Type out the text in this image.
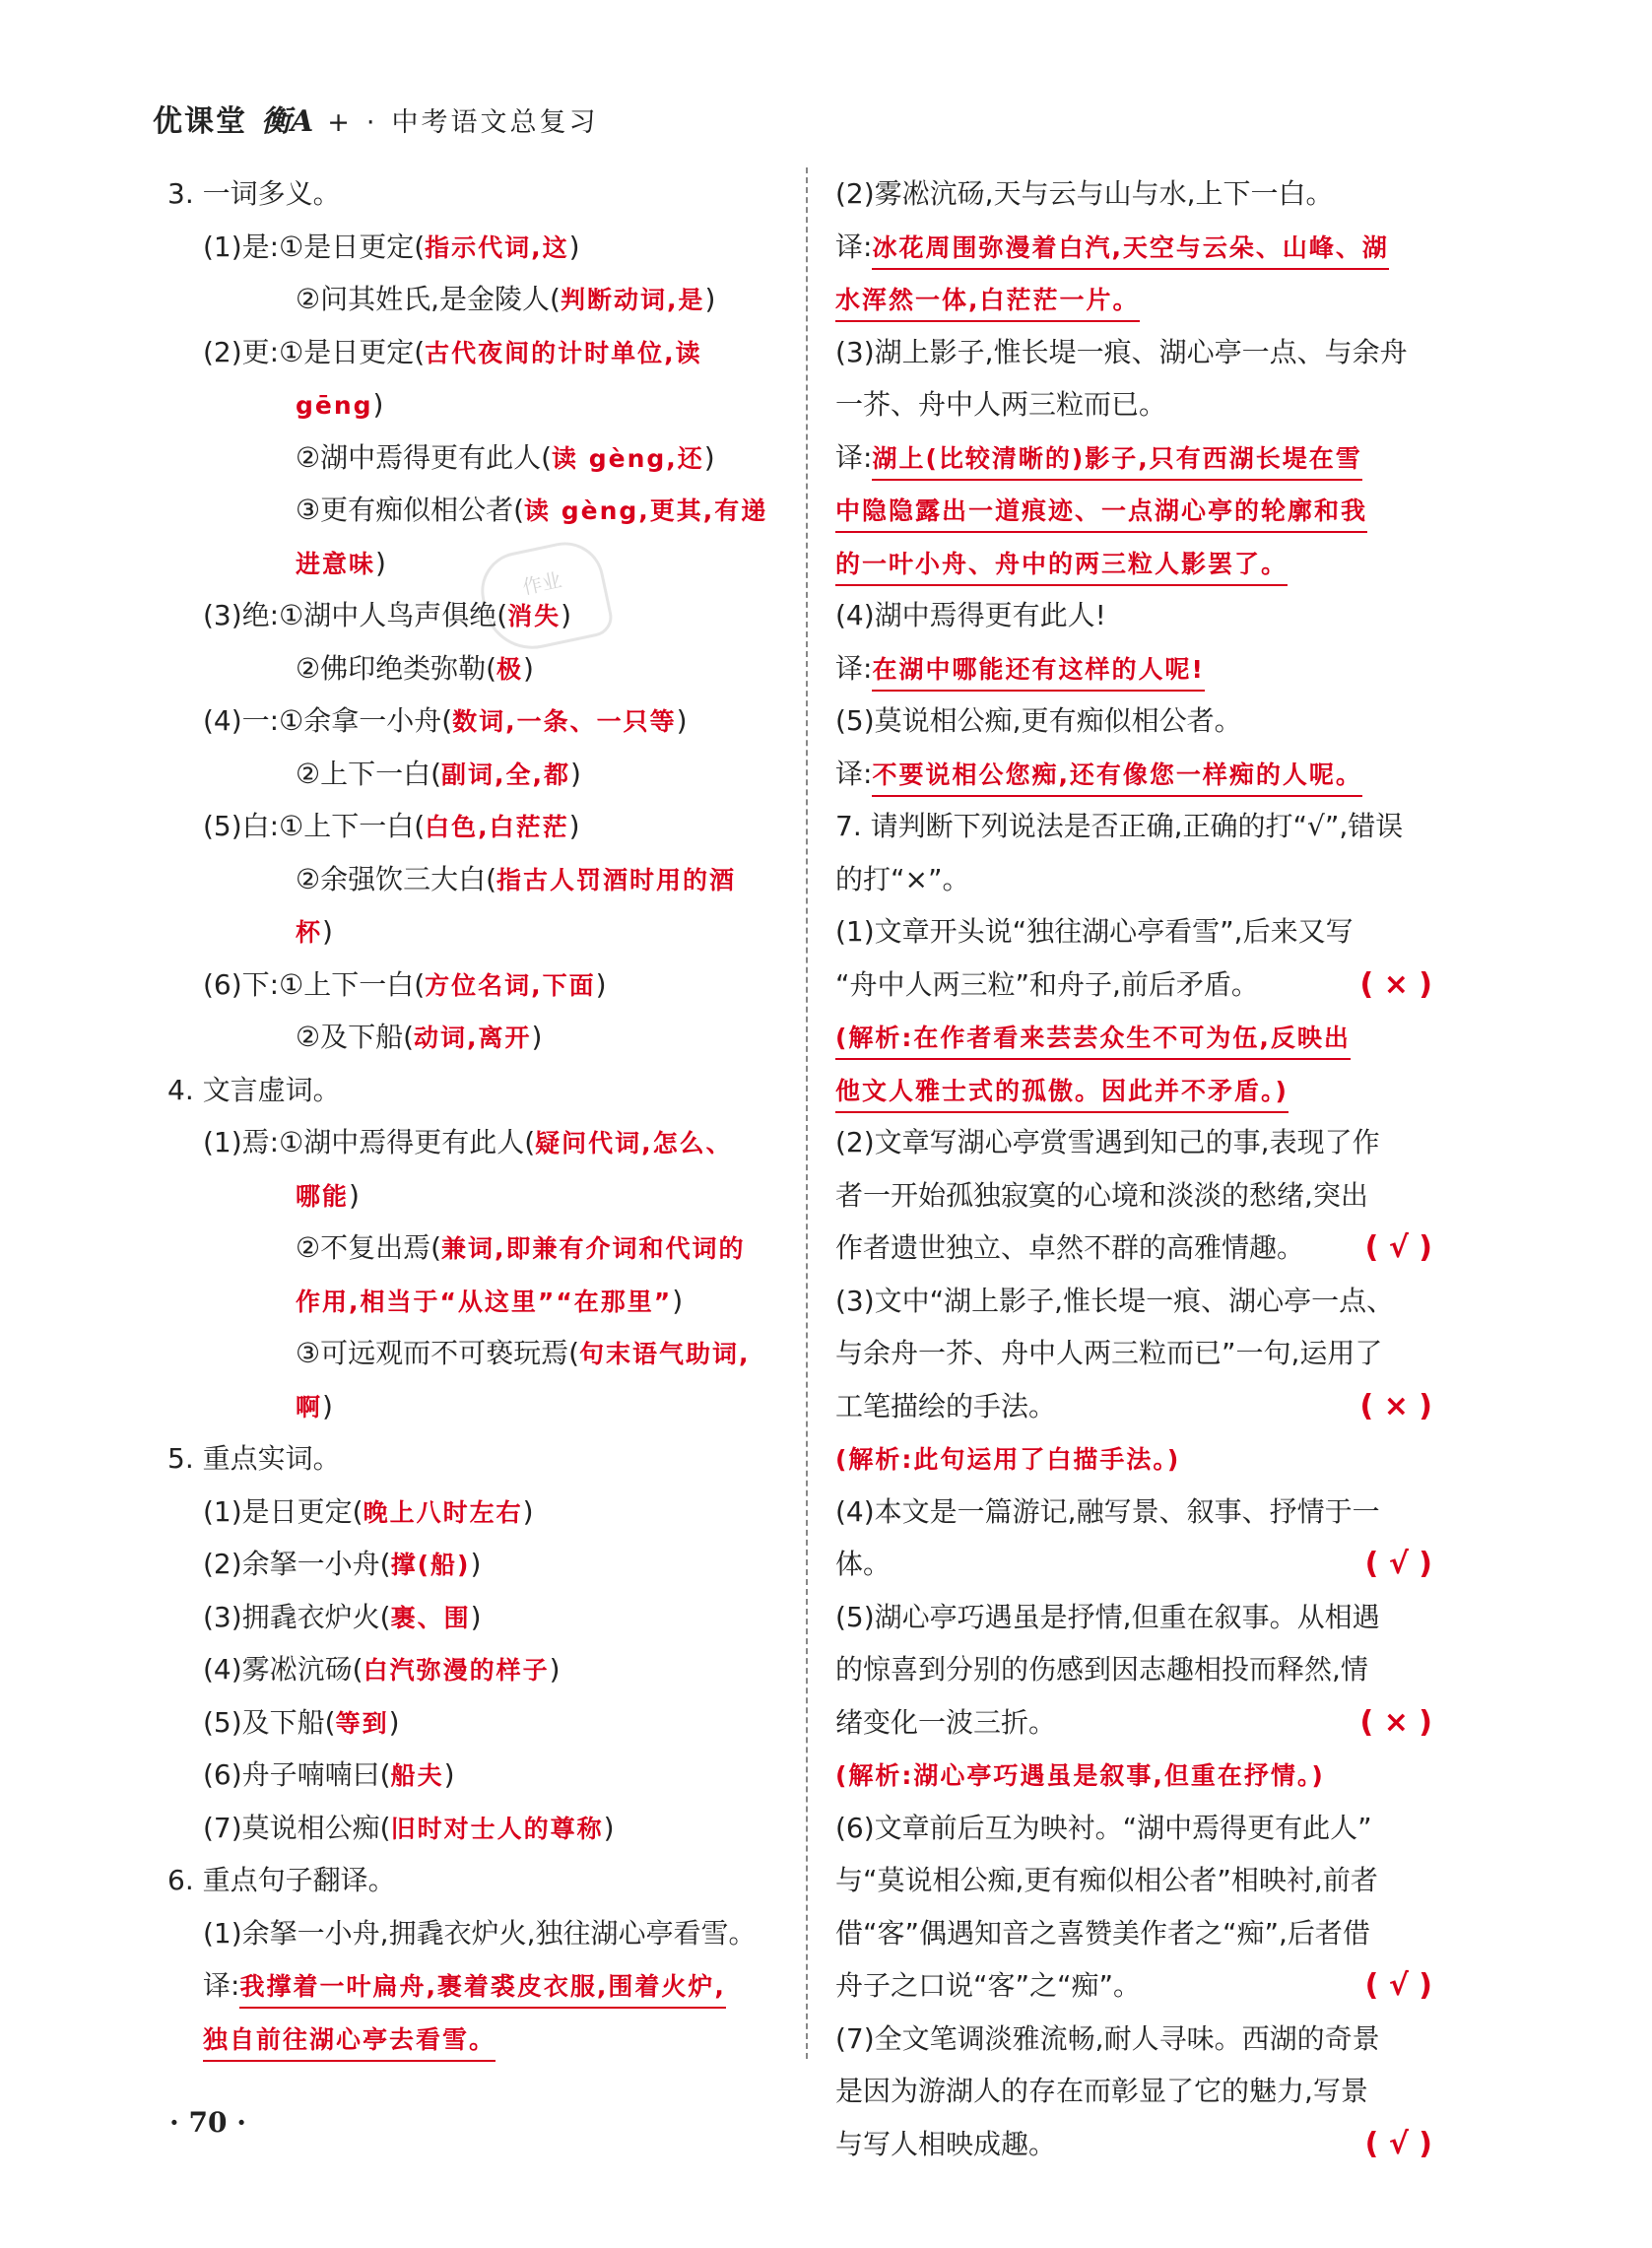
优课堂 衡A + · 中考语文总复习
作业
3. 一词多义。
(1)是:①是日更定(指示代词,这)
②问其姓氏,是金陵人(判断动词,是)
(2)更:①是日更定(古代夜间的计时单位,读
gēng)
②湖中焉得更有此人(读 gèng,还)
③更有痴似相公者(读 gèng,更其,有递
进意味)
(3)绝:①湖中人鸟声俱绝(消失)
②佛印绝类弥勒(极)
(4)一:①余拿一小舟(数词,一条、一只等)
②上下一白(副词,全,都)
(5)白:①上下一白(白色,白茫茫)
②余强饮三大白(指古人罚酒时用的酒
杯)
(6)下:①上下一白(方位名词,下面)
②及下船(动词,离开)
4. 文言虚词。
(1)焉:①湖中焉得更有此人(疑问代词,怎么、
哪能)
②不复出焉(兼词,即兼有介词和代词的
作用,相当于“从这里”“在那里”)
③可远观而不可亵玩焉(句末语气助词,
啊)
5. 重点实词。
(1)是日更定(晚上八时左右)
(2)余拏一小舟(撑(船))
(3)拥毳衣炉火(裹、围)
(4)雾凇沆砀(白汽弥漫的样子)
(5)及下船(等到)
(6)舟子喃喃曰(船夫)
(7)莫说相公痴(旧时对士人的尊称)
6. 重点句子翻译。
(1)余拏一小舟,拥毳衣炉火,独往湖心亭看雪。
译:我撑着一叶扁舟,裹着裘皮衣服,围着火炉,
独自前往湖心亭去看雪。
(2)雾凇沆砀,天与云与山与水,上下一白。
译:冰花周围弥漫着白汽,天空与云朵、山峰、湖
水浑然一体,白茫茫一片。
(3)湖上影子,惟长堤一痕、湖心亭一点、与余舟
一芥、舟中人两三粒而已。
译:湖上(比较清晰的)影子,只有西湖长堤在雪
中隐隐露出一道痕迹、一点湖心亭的轮廓和我
的一叶小舟、舟中的两三粒人影罢了。
(4)湖中焉得更有此人!
译:在湖中哪能还有这样的人呢!
(5)莫说相公痴,更有痴似相公者。
译:不要说相公您痴,还有像您一样痴的人呢。
7. 请判断下列说法是否正确,正确的打“√”,错误
的打“×”。
(1)文章开头说“独往湖心亭看雪”,后来又写
( × )
“舟中人两三粒”和舟子,前后矛盾。
(解析:在作者看来芸芸众生不可为伍,反映出
他文人雅士式的孤傲。因此并不矛盾。)
(2)文章写湖心亭赏雪遇到知己的事,表现了作
者一开始孤独寂寞的心境和淡淡的愁绪,突出
( √ )
作者遗世独立、卓然不群的高雅情趣。
(3)文中“湖上影子,惟长堤一痕、湖心亭一点、
与余舟一芥、舟中人两三粒而已”一句,运用了
( × )
工笔描绘的手法。
(解析:此句运用了白描手法。)
(4)本文是一篇游记,融写景、叙事、抒情于一
( √ )
体。
(5)湖心亭巧遇虽是抒情,但重在叙事。从相遇
的惊喜到分别的伤感到因志趣相投而释然,情
( × )
绪变化一波三折。
(解析:湖心亭巧遇虽是叙事,但重在抒情。)
(6)文章前后互为映衬。“湖中焉得更有此人”
与“莫说相公痴,更有痴似相公者”相映衬,前者
借“客”偶遇知音之喜赞美作者之“痴”,后者借
( √ )
舟子之口说“客”之“痴”。
(7)全文笔调淡雅流畅,耐人寻味。西湖的奇景
是因为游湖人的存在而彰显了它的魅力,写景
( √ )
与写人相映成趣。
· 70 ·
